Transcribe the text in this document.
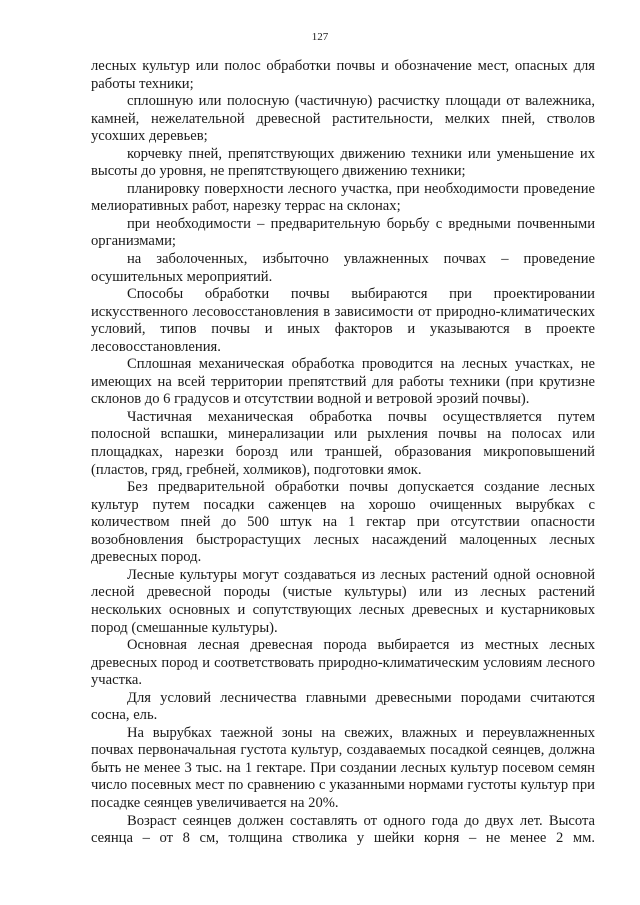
127

лесных культур или полос обработки почвы и обозначение мест, опасных для работы техники;

сплошную или полосную (частичную) расчистку площади от валежника, камней, нежелательной древесной растительности, мелких пней, стволов усохших деревьев;

корчевку пней, препятствующих движению техники или уменьшение их высоты до уровня, не препятствующего движению техники;

планировку поверхности лесного участка, при необходимости проведение мелиоративных работ, нарезку террас на склонах;

при необходимости – предварительную борьбу с вредными почвенными организмами;

на заболоченных, избыточно увлажненных почвах – проведение осушительных мероприятий.

Способы обработки почвы выбираются при проектировании искусственного лесовосстановления в зависимости от природно-климатических условий, типов почвы и иных факторов и указываются в проекте лесовосстановления.

Сплошная механическая обработка проводится на лесных участках, не имеющих на всей территории препятствий для работы техники (при крутизне склонов до 6 градусов и отсутствии водной и ветровой эрозий почвы).

Частичная механическая обработка почвы осуществляется путем полосной вспашки, минерализации или рыхления почвы на полосах или площадках, нарезки борозд или траншей, образования микроповышений (пластов, гряд, гребней, холмиков), подготовки ямок.

Без предварительной обработки почвы допускается создание лесных культур путем посадки саженцев на хорошо очищенных вырубках с количеством пней до 500 штук на 1 гектар при отсутствии опасности возобновления быстрорастущих лесных насаждений малоценных лесных древесных пород.

Лесные культуры могут создаваться из лесных растений одной основной лесной древесной породы (чистые культуры) или из лесных растений нескольких основных и сопутствующих лесных древесных и кустарниковых пород (смешанные культуры).

Основная лесная древесная порода выбирается из местных лесных древесных пород и соответствовать природно-климатическим условиям лесного участка.

Для условий лесничества главными древесными породами считаются сосна, ель.

На вырубках таежной зоны на свежих, влажных и переувлажненных почвах первоначальная густота культур, создаваемых посадкой сеянцев, должна быть не менее 3 тыс. на 1 гектаре. При создании лесных культур посевом семян число посевных мест по сравнению с указанными нормами густоты культур при посадке сеянцев увеличивается на 20%.

Возраст сеянцев должен составлять от одного года до двух лет. Высота сеянца – от 8 см, толщина стволика у шейки корня – не менее 2 мм.
